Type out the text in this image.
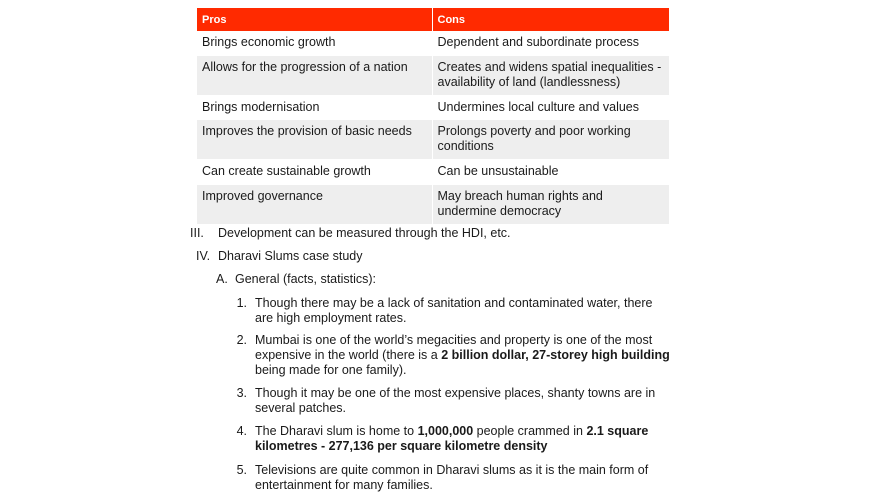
Pros	Cons
Brings economic growth	Dependent and subordinate process
Allows for the progression of a nation	Creates and widens spatial inequalities - availability of land (landlessness)
Brings modernisation	Undermines local culture and values
Improves the provision of basic needs	Prolongs poverty and poor working conditions
Can create sustainable growth	Can be unsustainable
Improved governance	May breach human rights and undermine democracy
III.	Development can be measured through the HDI, etc.
IV. Dharavi Slums case study
A. General (facts, statistics):
1. Though there may be a lack of sanitation and contaminated water, there are high employment rates.
2. Mumbai is one of the world’s megacities and property is one of the most expensive in the world (there is a 2 billion dollar, 27-storey high building being made for one family).
3. Though it may be one of the most expensive places, shanty towns are in several patches.
4. The Dharavi slum is home to 1,000,000 people crammed in 2.1 square kilometres - 277,136 per square kilometre density
5. Televisions are quite common in Dharavi slums as it is the main form of entertainment for many families.
